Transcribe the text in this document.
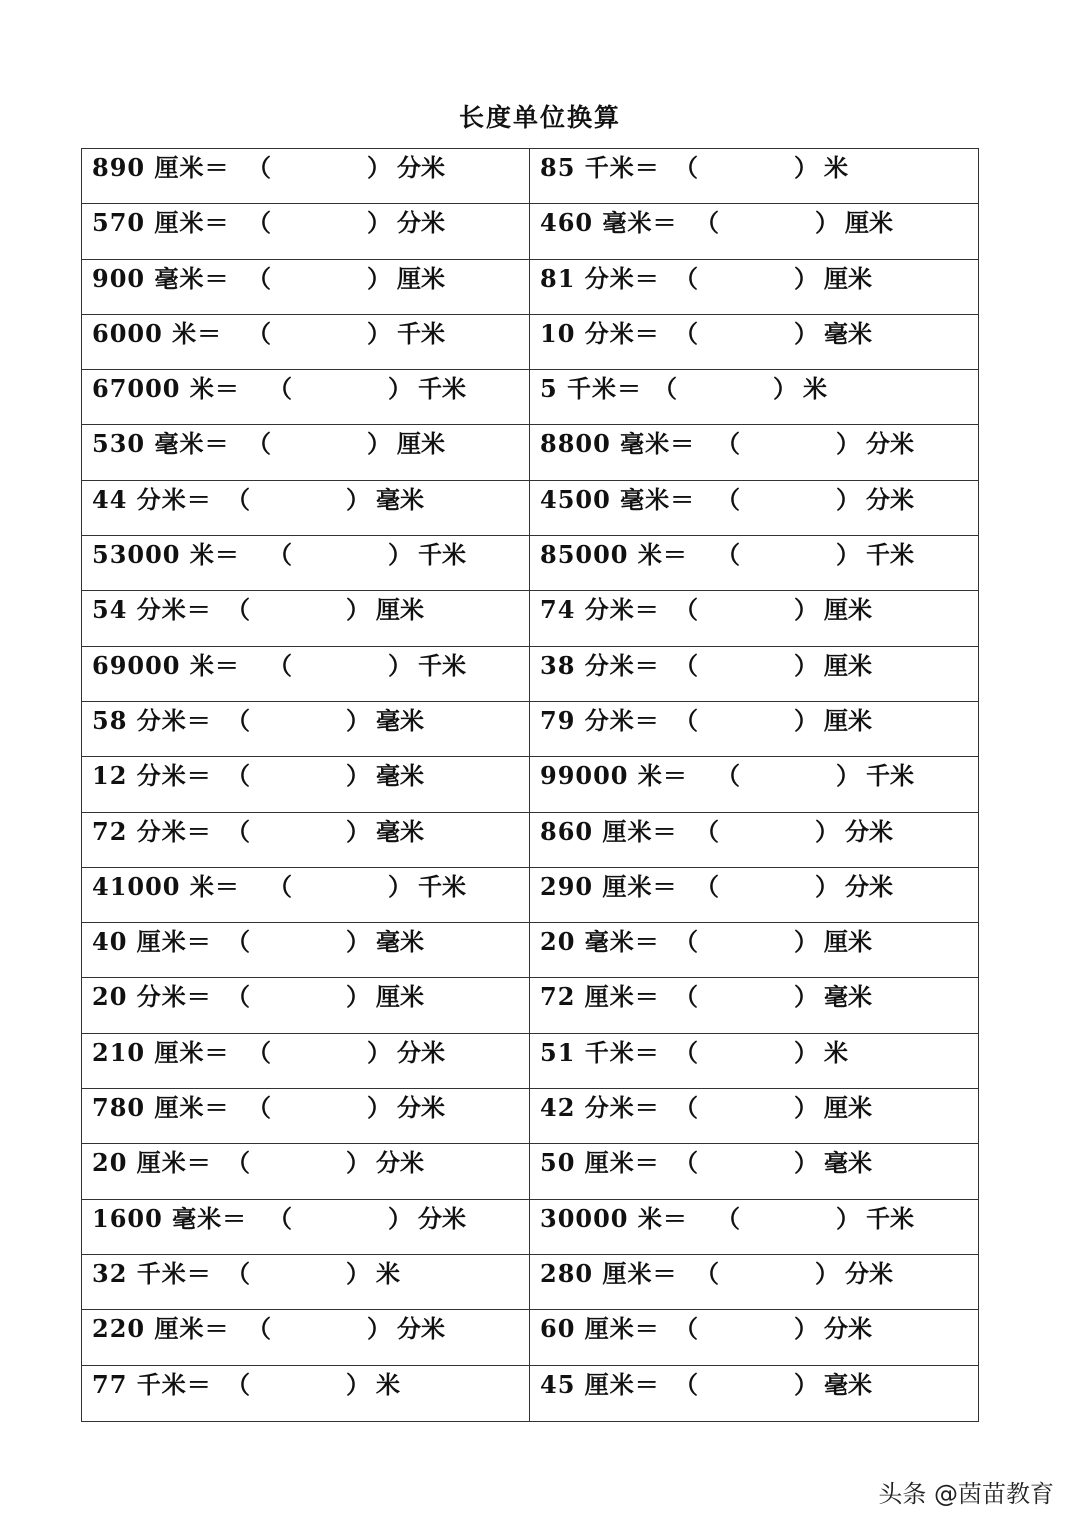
长度单位换算
890 厘米＝ （	） 分米	85 千米＝ （	） 米
570 厘米＝ （	） 分米	460 毫米＝ （	） 厘米
900 毫米＝ （	） 厘米	81 分米＝ （	） 厘米
6000 米＝ （	） 千米	10 分米＝ （	） 毫米
67000 米＝ （	） 千米	5 千米＝ （	） 米
530 毫米＝ （	） 厘米	8800 毫米＝ （	） 分米
44 分米＝ （	） 毫米	4500 毫米＝ （	） 分米
53000 米＝ （	） 千米	85000 米＝ （	） 千米
54 分米＝ （	） 厘米	74 分米＝ （	） 厘米
69000 米＝ （	） 千米	38 分米＝ （	） 厘米
58 分米＝ （	） 毫米	79 分米＝ （	） 厘米
12 分米＝ （	） 毫米	99000 米＝ （	） 千米
72 分米＝ （	） 毫米	860 厘米＝ （	） 分米
41000 米＝ （	） 千米	290 厘米＝ （	） 分米
40 厘米＝ （	） 毫米	20 毫米＝ （	） 厘米
20 分米＝ （	） 厘米	72 厘米＝ （	） 毫米
210 厘米＝ （	） 分米	51 千米＝ （	） 米
780 厘米＝ （	） 分米	42 分米＝ （	） 厘米
20 厘米＝ （	） 分米	50 厘米＝ （	） 毫米
1600 毫米＝ （	） 分米	30000 米＝ （	） 千米
32 千米＝ （	） 米	280 厘米＝ （	） 分米
220 厘米＝ （	） 分米	60 厘米＝ （	） 分米
77 千米＝ （	） 米	45 厘米＝ （	） 毫米
头条 @茵苗教育
